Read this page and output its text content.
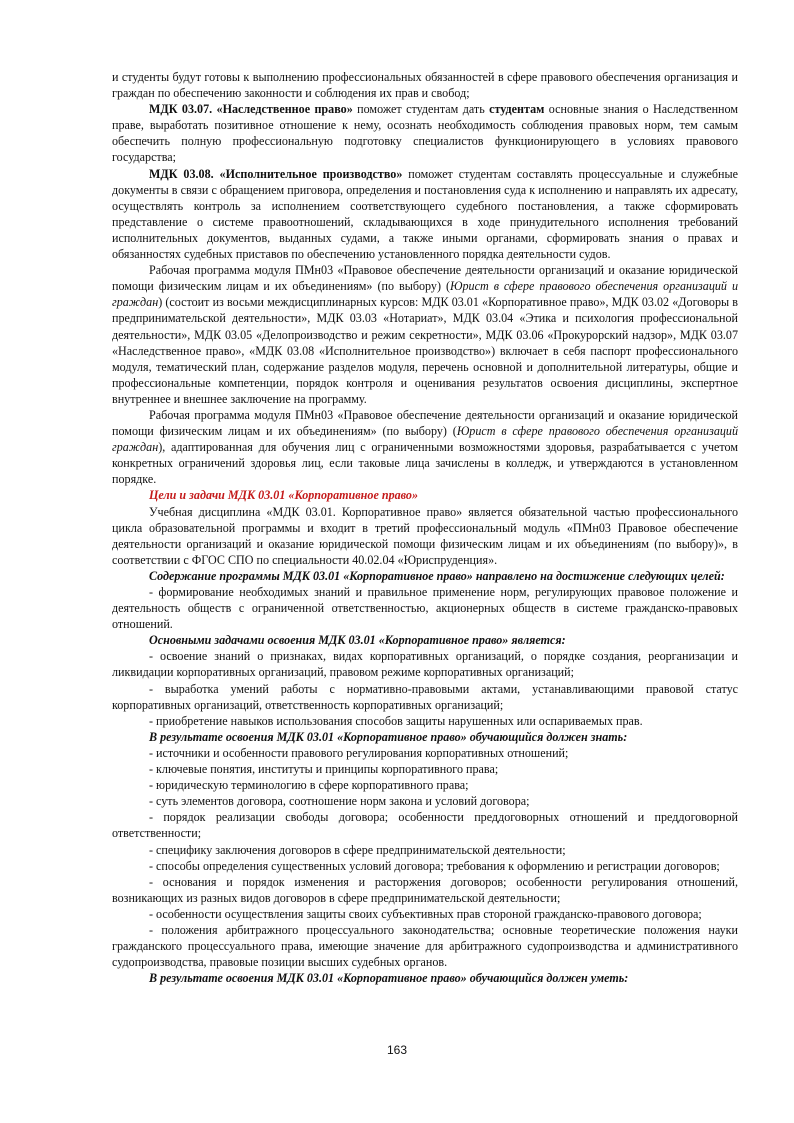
и студенты будут готовы к выполнению профессиональных обязанностей в сфере правового обеспечения организация и граждан по обеспечению законности и соблюдения их прав и свобод;

МДК 03.07. «Наследственное право» поможет студентам дать студентам основные знания о Наследственном праве, выработать позитивное отношение к нему, осознать необходимость соблюдения правовых норм, тем самым обеспечить полную профессиональную подготовку специалистов функционирующего в условиях правового государства;

МДК 03.08. «Исполнительное производство» поможет студентам составлять процессуальные и служебные документы в связи с обращением приговора, определения и постановления суда к исполнению и направлять их адресату, осуществлять контроль за исполнением соответствующего судебного постановления, а также сформировать представление о системе правоотношений, складывающихся в ходе принудительного исполнения требований исполнительных документов, выданных судами, а также иными органами, сформировать знания о правах и обязанностях судебных приставов по обеспечению установленного порядка деятельности судов.

Рабочая программа модуля ПМн03 «Правовое обеспечение деятельности организаций и оказание юридической помощи физическим лицам и их объединениям» (по выбору) (Юрист в сфере правового обеспечения организаций и граждан) (состоит из восьми междисциплинарных курсов: МДК 03.01 «Корпоративное право», МДК 03.02 «Договоры в предпринимательской деятельности», МДК 03.03 «Нотариат», МДК 03.04 «Этика и психология профессиональной деятельности», МДК 03.05 «Делопроизводство и режим секретности», МДК 03.06 «Прокурорский надзор», МДК 03.07 «Наследственное право», «МДК 03.08 «Исполнительное производство») включает в себя паспорт профессионального модуля, тематический план, содержание разделов модуля, перечень основной и дополнительной литературы, общие и профессиональные компетенции, порядок контроля и оценивания результатов освоения дисциплины, экспертное внутреннее и внешнее заключение на программу.

Рабочая программа модуля ПМн03 «Правовое обеспечение деятельности организаций и оказание юридической помощи физическим лицам и их объединениям» (по выбору) (Юрист в сфере правового обеспечения организаций граждан), адаптированная для обучения лиц с ограниченными возможностями здоровья, разрабатывается с учетом конкретных ограничений здоровья лиц, если таковые лица зачислены в колледж, и утверждаются в установленном порядке.

Цели и задачи МДК 03.01 «Корпоративное право»

Учебная дисциплина «МДК 03.01. Корпоративное право» является обязательной частью профессионального цикла образовательной программы и входит в третий профессиональный модуль «ПМн03 Правовое обеспечение деятельности организаций и оказание юридической помощи физическим лицам и их объединениям (по выбору)», в соответствии с ФГОС СПО по специальности 40.02.04 «Юриспруденция».

Содержание программы МДК 03.01 «Корпоративное право» направлено на достижение следующих целей:

- формирование необходимых знаний и правильное применение норм, регулирующих правовое положение и деятельность обществ с ограниченной ответственностью, акционерных обществ в системе гражданско-правовых отношений.

Основными задачами освоения МДК 03.01 «Корпоративное право» является:

- освоение знаний о признаках, видах корпоративных организаций, о порядке создания, реорганизации и ликвидации корпоративных организаций, правовом режиме корпоративных организаций;

- выработка умений работы с нормативно-правовыми актами, устанавливающими правовой статус корпоративных организаций, ответственность корпоративных организаций;

- приобретение навыков использования способов защиты нарушенных или оспариваемых прав.

В результате освоения МДК 03.01 «Корпоративное право» обучающийся должен знать:

- источники и особенности правового регулирования корпоративных отношений;

- ключевые понятия, институты и принципы корпоративного права;

- юридическую терминологию в сфере корпоративного права;

- суть элементов договора, соотношение норм закона и условий договора;

- порядок реализации свободы договора; особенности преддоговорных отношений и преддоговорной ответственности;

- специфику заключения договоров в сфере предпринимательской деятельности;

- способы определения существенных условий договора; требования к оформлению и регистрации договоров;

- основания и порядок изменения и расторжения договоров; особенности регулирования отношений, возникающих из разных видов договоров в сфере предпринимательской деятельности;

- особенности осуществления защиты своих субъективных прав стороной гражданско-правового договора;

- положения арбитражного процессуального законодательства; основные теоретические положения науки гражданского процессуального права, имеющие значение для арбитражного судопроизводства и административного судопроизводства, правовые позиции высших судебных органов.

В результате освоения МДК 03.01 «Корпоративное право» обучающийся должен уметь:

163
